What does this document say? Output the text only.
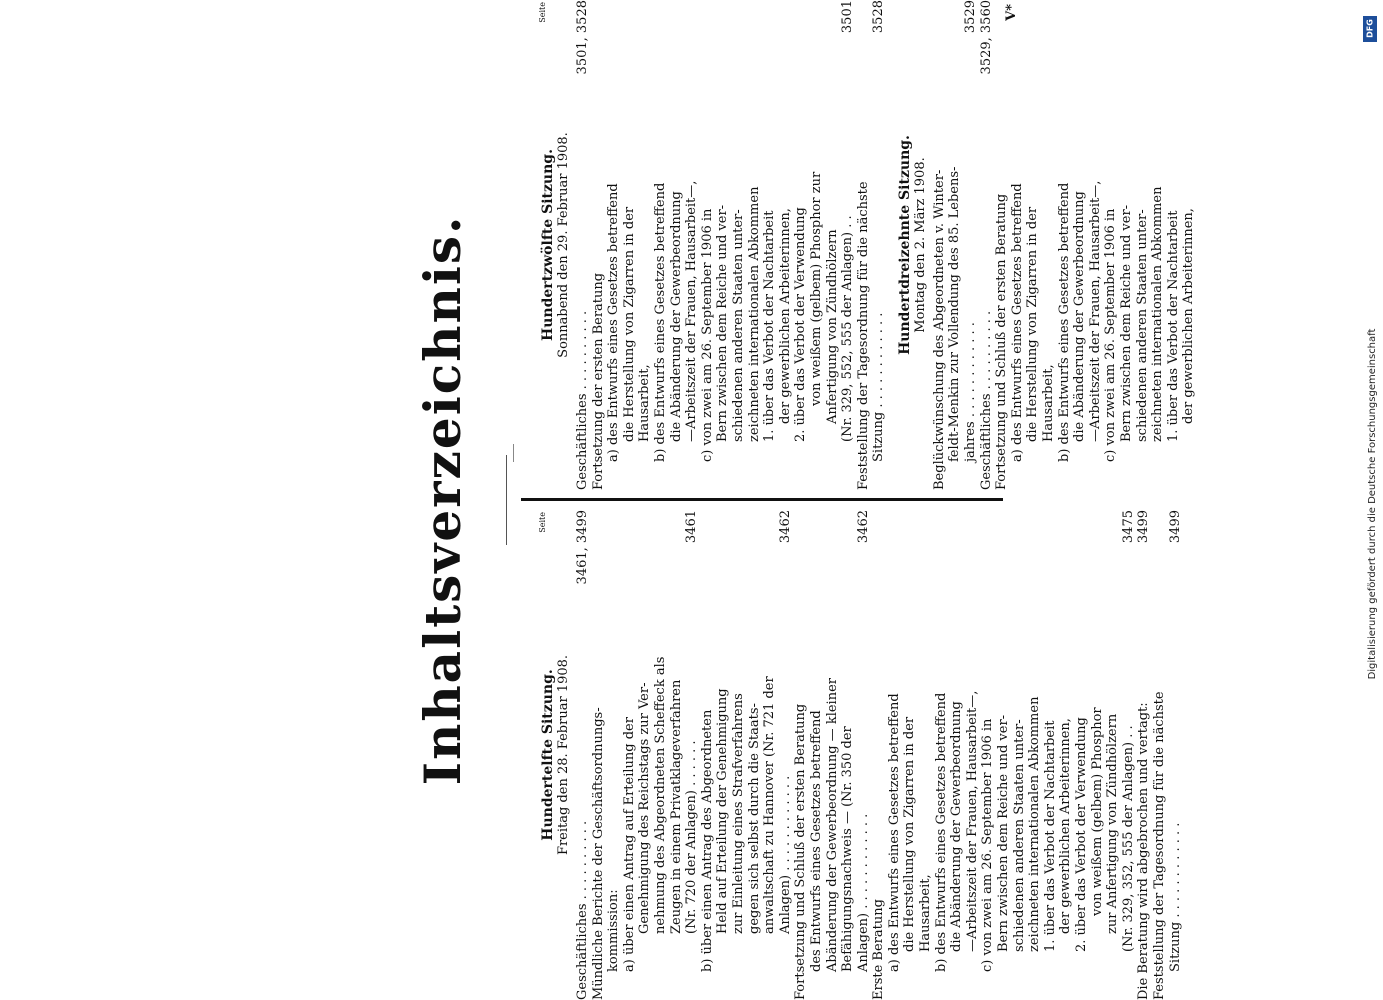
DFG
Digitalisierung gefördert durch die Deutsche Forschungsgemeinschaft
Inhaltsverzeichnis.	Seite
Hundertelfte Sitzung. Freitag den 28. Februar 1908.
Geschäftliches . . . . . . . . . .
3461, 3499
Mündliche Berichte der Geschäftsordnungs- kommission: a) über einen Antrag auf Erteilung der Genehmigung des Reichstags zur Ver- nehmung des Abgeordneten Scheffeck als Zeugen in einem Privatklageverfahren (Nr. 720 der Anlagen) . . . . . .
3461
b) über einen Antrag des Abgeordneten Held auf Erteilung der Genehmigung zur Einleitung eines Strafverfahrens gegen sich selbst durch die Staats- anwaltschaft zu Hannover (Nr. 721 der Anlagen) . . . . . . . . . . . .
3462
Fortsetzung und Schluß der ersten Beratung des Entwurfs eines Gesetzes betreffend Abänderung der Gewerbeordnung — kleiner Befähigungsnachweis — (Nr. 350 der Anlagen) . . . . . . . . . . . .
3462
Erste Beratung a) des Entwurfs eines Gesetzes betreffend die Herstellung von Zigarren in der Hausarbeit, b) des Entwurfs eines Gesetzes betreffend die Abänderung der Gewerbeordnung —Arbeitszeit der Frauen, Hausarbeit—, c) von zwei am 26. September 1906 in Bern zwischen dem Reiche und ver- schiedenen anderen Staaten unter- zeichneten internationalen Abkommen 1. über das Verbot der Nachtarbeit der gewerblichen Arbeiterinnen, 2. über das Verbot der Verwendung von weißem (gelbem) Phosphor zur Anfertigung von Zündhölzern (Nr. 329, 352, 555 der Anlagen) . .
3475
Die Beratung wird abgebrochen und vertagt:
3499
Feststellung der Tagesordnung für die nächste Sitzung . . . . . . . . . . . .
3499
Seite
Hundertzwölfte Sitzung. Sonnabend den 29. Februar 1908.
Geschäftliches . . . . . . . . . .
3501, 3528
Fortsetzung der ersten Beratung a) des Entwurfs eines Gesetzes betreffend die Herstellung von Zigarren in der Hausarbeit, b) des Entwurfs eines Gesetzes betreffend die Abänderung der Gewerbeordnung —Arbeitszeit der Frauen, Hausarbeit—, c) von zwei am 26. September 1906 in Bern zwischen dem Reiche und ver- schiedenen anderen Staaten unter- zeichneten internationalen Abkommen 1. über das Verbot der Nachtarbeit der gewerblichen Arbeiterinnen, 2. über das Verbot der Verwendung von weißem (gelbem) Phosphor zur Anfertigung von Zündhölzern (Nr. 329, 552, 555 der Anlagen) . .
3501
Feststellung der Tagesordnung für die nächste Sitzung . . . . . . . . . . . .
3528
Hundertdreizehnte Sitzung. Montag den 2. März 1908. Beglückwünschung des Abgeordneten v. Winter- feldt-Menkin zur Vollendung des 85. Lebens- jahres . . . . . . . . . . . .
3529
Geschäftliches . . . . . . . . . .
3529, 3560
Fortsetzung und Schluß der ersten Beratung a) des Entwurfs eines Gesetzes betreffend die Herstellung von Zigarren in der Hausarbeit, b) des Entwurfs eines Gesetzes betreffend die Abänderung der Gewerbeordnung —Arbeitszeit der Frauen, Hausarbeit—, c) von zwei am 26. September 1906 in Bern zwischen dem Reiche und ver- schiedenen anderen Staaten unter- zeichneten internationalen Abkommen 1. über das Verbot der Nachtarbeit der gewerblichen Arbeiterinnen,
V*
